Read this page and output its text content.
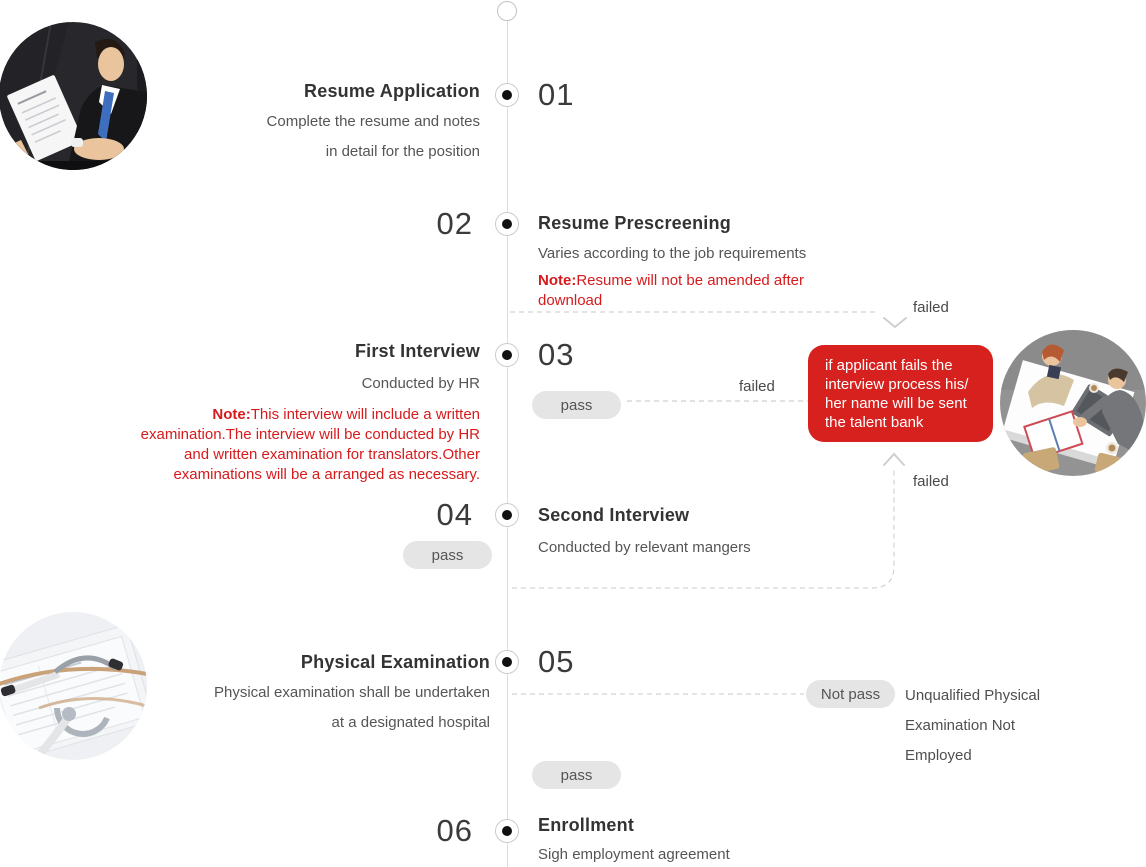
01
Resume Application
Complete the resume and notes
in detail for the position
02	Resume Prescreening
Varies according to the job requirements
Note:Resume will not be amended after
download	failed
03
First Interview
Conducted by HR
Note:This interview will include a written
examination.The interview will be conducted by HR
and written examination for translators.Other
examinations will be a arranged as necessary.
pass
failed
if applicant fails the
interview process his/
her name will be sent
the talent bank
failed
04	Second Interview
Conducted by relevant mangers
pass
05
Physical Examination
Physical examination shall be undertaken
at a designated hospital
Not pass	Unqualified Physical
Examination Not
Employed
pass
06	Enrollment
Sigh employment agreement
